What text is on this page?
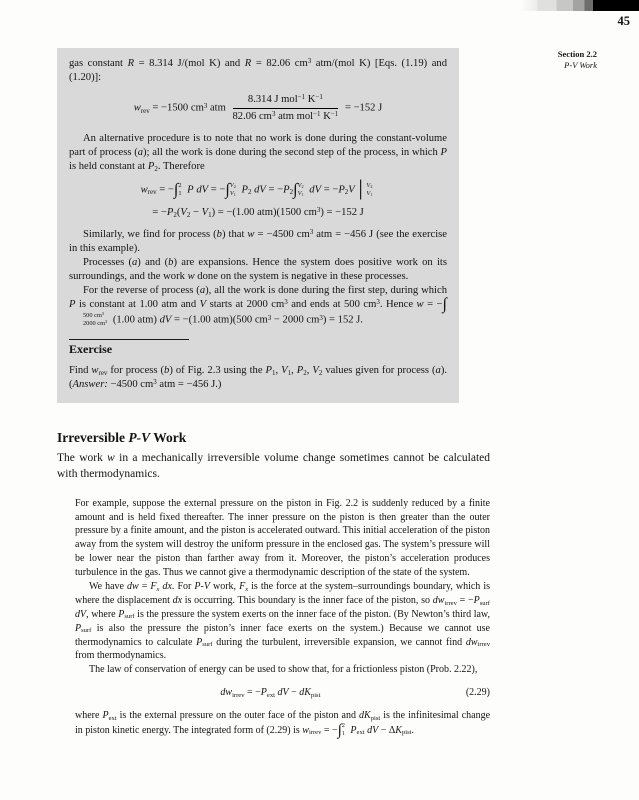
45
Section 2.2
P-V Work

gas constant R = 8.314 J/(mol K) and R = 82.06 $cm^3$ atm/(mol K) [Eqs. (1.19) and (1.20)]:

$w_{rev} = -1500$ $cm^3$ atm $\frac{8.314 J mol^{-1} K^{-1}}{82.06 cm^3 atm mol^{-1} K^{-1}} = -152$ J

An alternative procedure is to note that no work is done during the constant-volume part of process (a); all the work is done during the second step of the process, in which P is held constant at $P_2$. Therefore

$w_{rev}$ = −∫ 2
1 P dV = −∫ $V_2$
$V_1$ $P_2$ dV = $-P_2\int$ $V_2$
$V_1$ dV = $-P_2V│$ $V_2$
$V_1$
= $-P_2(V_2 - V_1) = -(1.00$ atm)(1500 $cm^3) = -152$ J

Similarly, we find for process (b) that w = −4500 $cm^3$ atm = −456 J (see the exercise in this example).

Processes (a) and (b) are expansions. Hence the system does positive work on its surroundings, and the work w done on the system is negative in these processes.

For the reverse of process (a), all the work is done during the first step, during which P is constant at 1.00 atm and V starts at 2000 $cm^3$ and ends at 500 $cm^3$. Hence w = −∫
500 $cm^3$
2000 $cm^3$ (1.00 atm) dV = −(1.00 atm)(500 $cm^3 - 2000$ $cm^3) = 152$ J.

Exercise

Find $w_{rev}$ for process (b) of Fig. 2.3 using the $P_1$, $V_1$, $P_2$, $V_2$ values given for process (a). (Answer: −4500 $cm^3$ atm = −456 J.)

Irreversible P-V Work

The work w in a mechanically irreversible volume change sometimes cannot be calculated with thermodynamics.

For example, suppose the external pressure on the piston in Fig. 2.2 is suddenly reduced by a finite amount and is held fixed thereafter. The inner pressure on the piston is then greater than the outer pressure by a finite amount, and the piston is accelerated outward. This initial acceleration of the piston away from the system will destroy the uniform pressure in the enclosed gas. The system’s pressure will be lower near the piston than farther away from it. Moreover, the piston’s acceleration produces turbulence in the gas. Thus we cannot give a thermodynamic description of the state of the system.

We have dw = $F_x$ dx. For P-V work, $F_x$ is the force at the system–surroundings boundary, which is where the displacement dx is occurring. This boundary is the inner face of the piston, so $dw_{irrev} = -P_{surf}$ dV, where $P_{surf}$ is the pressure the system exerts on the inner face of the piston. (By Newton’s third law, $P_{surf}$ is also the pressure the piston’s inner face exerts on the system.) Because we cannot use thermodynamics to calculate $P_{surf}$ during the turbulent, irreversible expansion, we cannot find $dw_{irrev}$ from thermodynamics.

The law of conservation of energy can be used to show that, for a frictionless piston (Prob. 2.22),

$dw_{irrev} = -P_{ext}$ dV − $dK_{pist}$	(2.29)

where $P_{ext}$ is the external pressure on the outer face of the piston and $dK_{pist}$ is the infinitesimal change in piston kinetic energy. The integrated form of (2.29) is $w_{irrev}$ = −∫ 2
1 $P_{ext}$ dV − $\Delta K_{pist}$.
